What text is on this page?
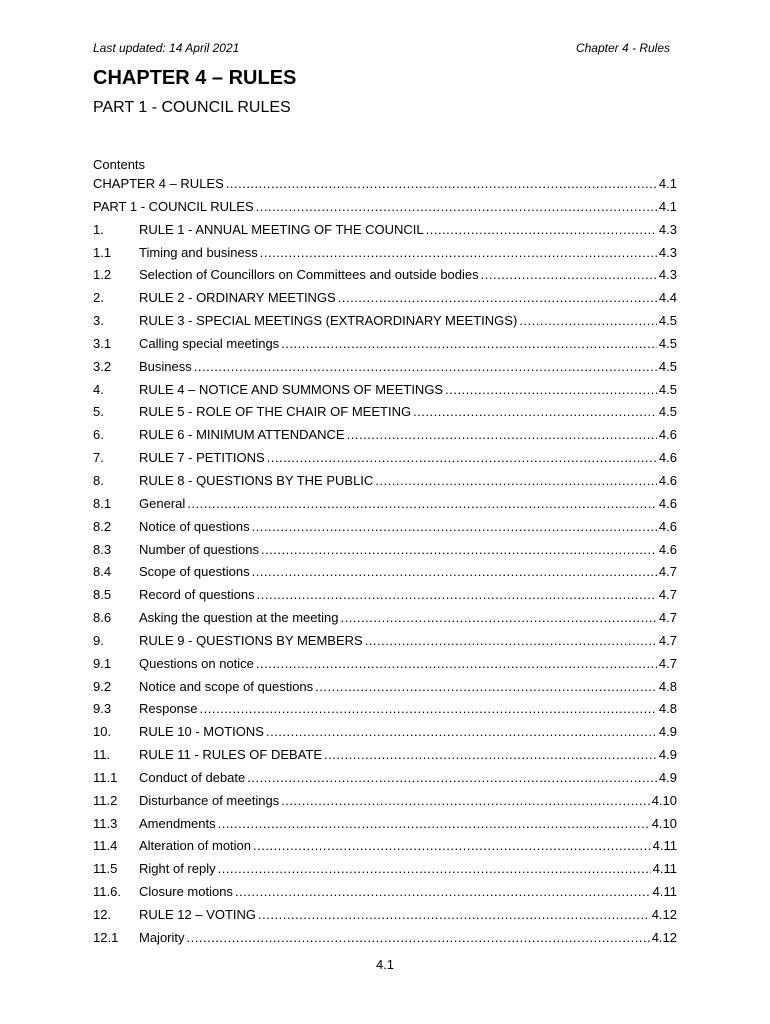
Last updated: 14 April 2021	Chapter 4 - Rules
CHAPTER 4 – RULES
PART 1 - COUNCIL RULES
Contents
CHAPTER 4 – RULES .....	4.1
PART 1 - COUNCIL RULES .....	4.1
1.	RULE 1 - ANNUAL MEETING OF THE COUNCIL .....	4.3
1.1	Timing and business .....	4.3
1.2	Selection of Councillors on Committees and outside bodies .....	4.3
2.	RULE 2 - ORDINARY MEETINGS .....	4.4
3.	RULE 3 - SPECIAL MEETINGS (EXTRAORDINARY MEETINGS) .....	4.5
3.1	Calling special meetings .....	4.5
3.2	Business .....	4.5
4.	RULE 4 – NOTICE AND SUMMONS OF MEETINGS .....	4.5
5.	RULE 5 - ROLE OF THE CHAIR OF MEETING .....	4.5
6.	RULE 6 - MINIMUM ATTENDANCE .....	4.6
7.	RULE 7 - PETITIONS .....	4.6
8.	RULE 8 - QUESTIONS BY THE PUBLIC .....	4.6
8.1	General .....	4.6
8.2	Notice of questions .....	4.6
8.3	Number of questions .....	4.6
8.4	Scope of questions .....	4.7
8.5	Record of questions .....	4.7
8.6	Asking the question at the meeting .....	4.7
9.	RULE 9 - QUESTIONS BY MEMBERS .....	4.7
9.1	Questions on notice .....	4.7
9.2	Notice and scope of questions .....	4.8
9.3	Response .....	4.8
10.	RULE 10 - MOTIONS .....	4.9
11.	RULE 11 - RULES OF DEBATE .....	4.9
11.1	Conduct of debate .....	4.9
11.2	Disturbance of meetings .....	4.10
11.3	Amendments .....	4.10
11.4	Alteration of motion .....	4.11
11.5	Right of reply .....	4.11
11.6.	Closure motions .....	4.11
12.	RULE 12 – VOTING .....	4.12
12.1	Majority .....	4.12
4.1
